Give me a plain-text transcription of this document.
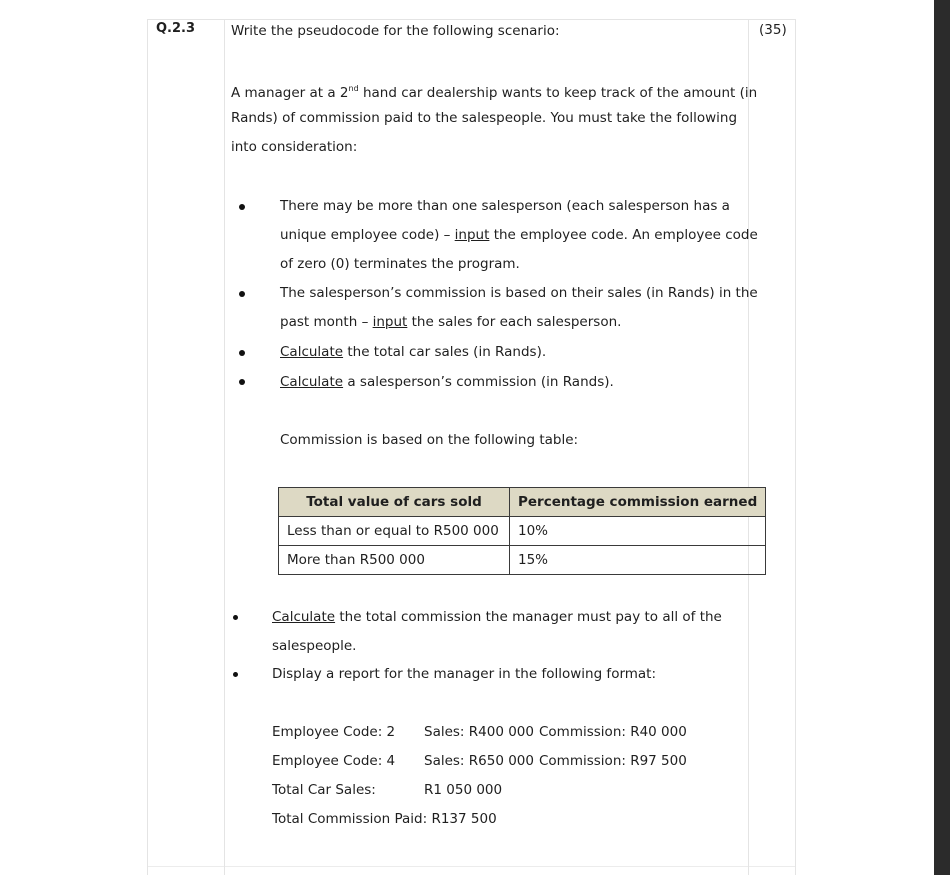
Q.2.3	(35)
Write the pseudocode for the following scenario:
A manager at a 2nd hand car dealership wants to keep track of the amount (in
Rands) of commission paid to the salespeople. You must take the following
into consideration:
There may be more than one salesperson (each salesperson has a
unique employee code) – input the employee code. An employee code
of zero (0) terminates the program.
The salesperson’s commission is based on their sales (in Rands) in the
past month – input the sales for each salesperson.
Calculate the total car sales (in Rands).
Calculate a salesperson’s commission (in Rands).
Commission is based on the following table:
Total value of cars sold	Percentage commission earned
Less than or equal to R500 000	10%
More than R500 000	15%
Calculate the total commission the manager must pay to all of the
salespeople.
Display a report for the manager in the following format:
Employee Code: 2 Sales: R400 000 Commission: R40 000
Employee Code: 4 Sales: R650 000 Commission: R97 500
Total Car Sales:	R1 050 000
Total Commission Paid: R137 500
